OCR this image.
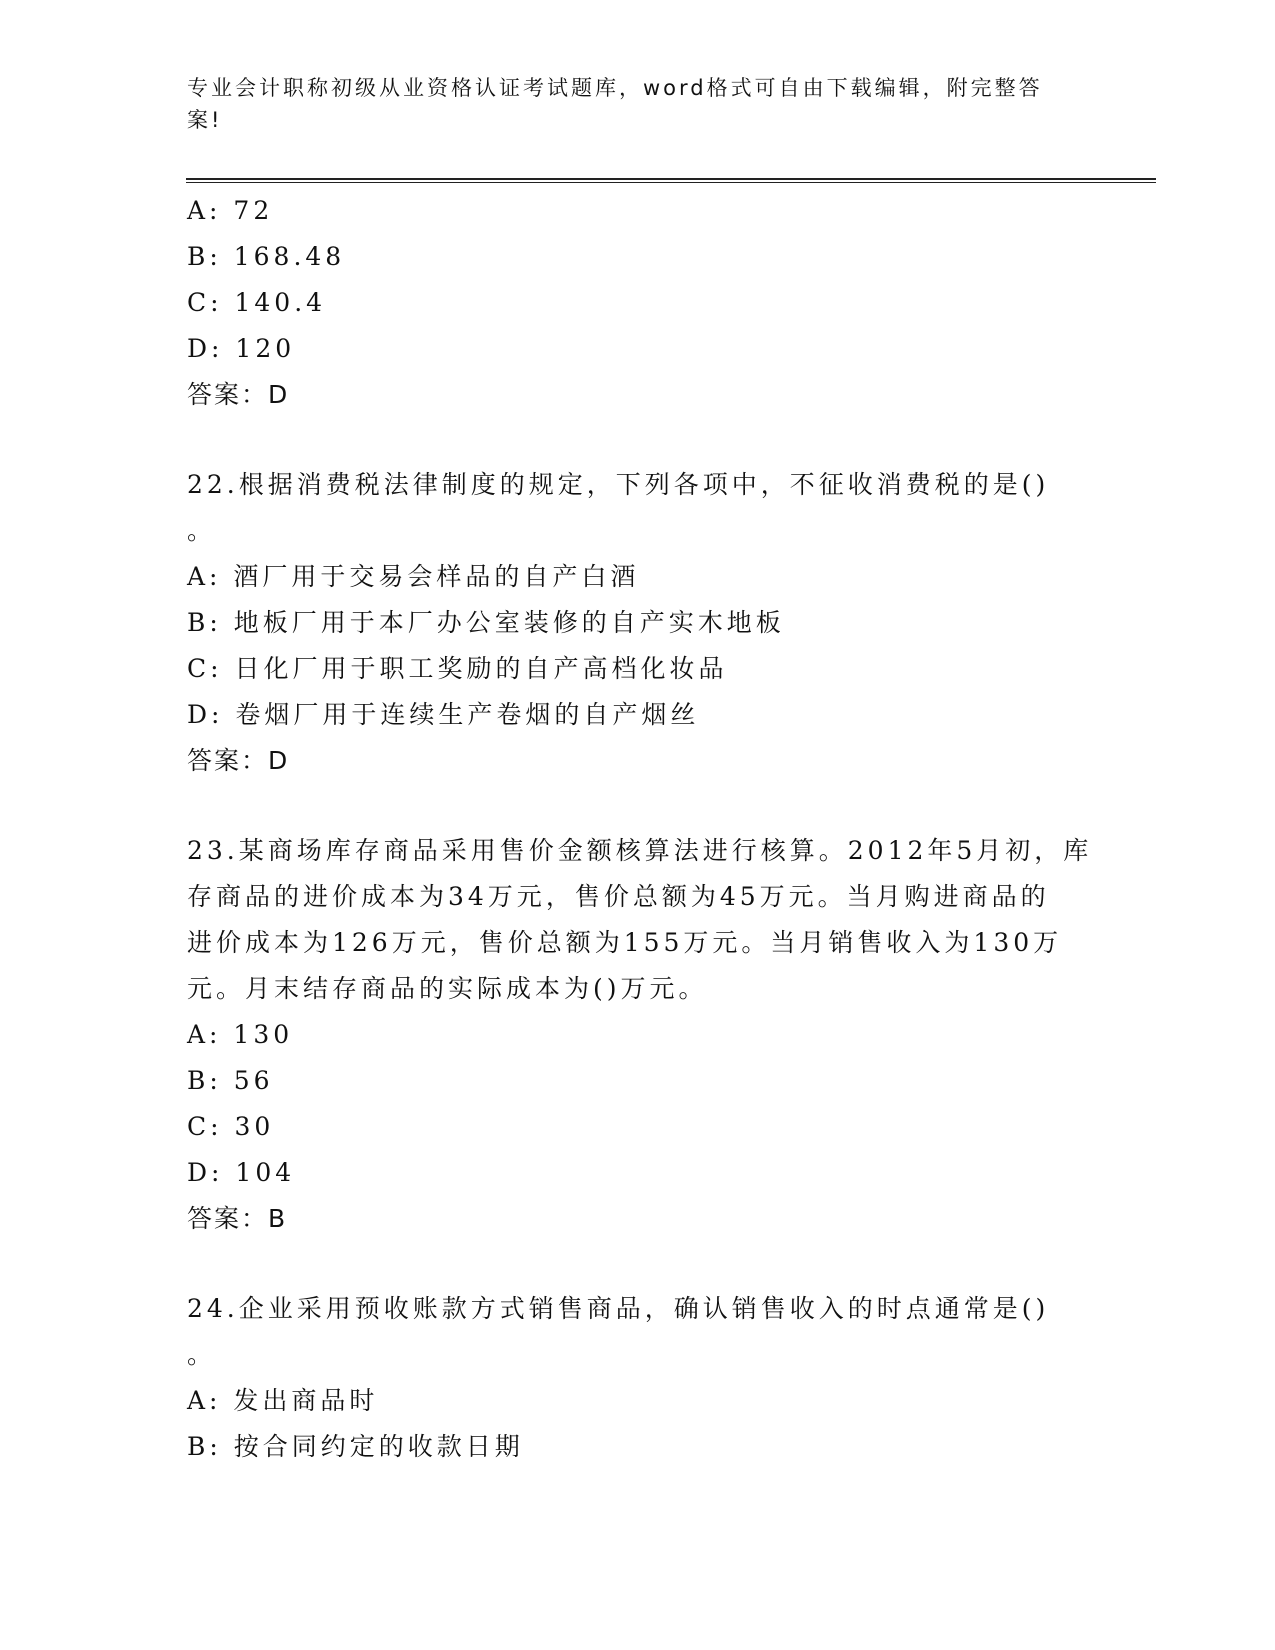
专业会计职称初级从业资格认证考试题库，word格式可自由下载编辑，附完整答
案!
A: 72
B: 168.48
C: 140.4
D: 120
答案：D
22.根据消费税法律制度的规定，下列各项中，不征收消费税的是()
。
A: 酒厂用于交易会样品的自产白酒
B: 地板厂用于本厂办公室装修的自产实木地板
C: 日化厂用于职工奖励的自产高档化妆品
D: 卷烟厂用于连续生产卷烟的自产烟丝
答案：D
23.某商场库存商品采用售价金额核算法进行核算。2012年5月初，库
存商品的进价成本为34万元，售价总额为45万元。当月购进商品的
进价成本为126万元，售价总额为155万元。当月销售收入为130万
元。月末结存商品的实际成本为()万元。
A: 130
B: 56
C: 30
D: 104
答案：B
24.企业采用预收账款方式销售商品，确认销售收入的时点通常是()
。
A: 发出商品时
B: 按合同约定的收款日期
